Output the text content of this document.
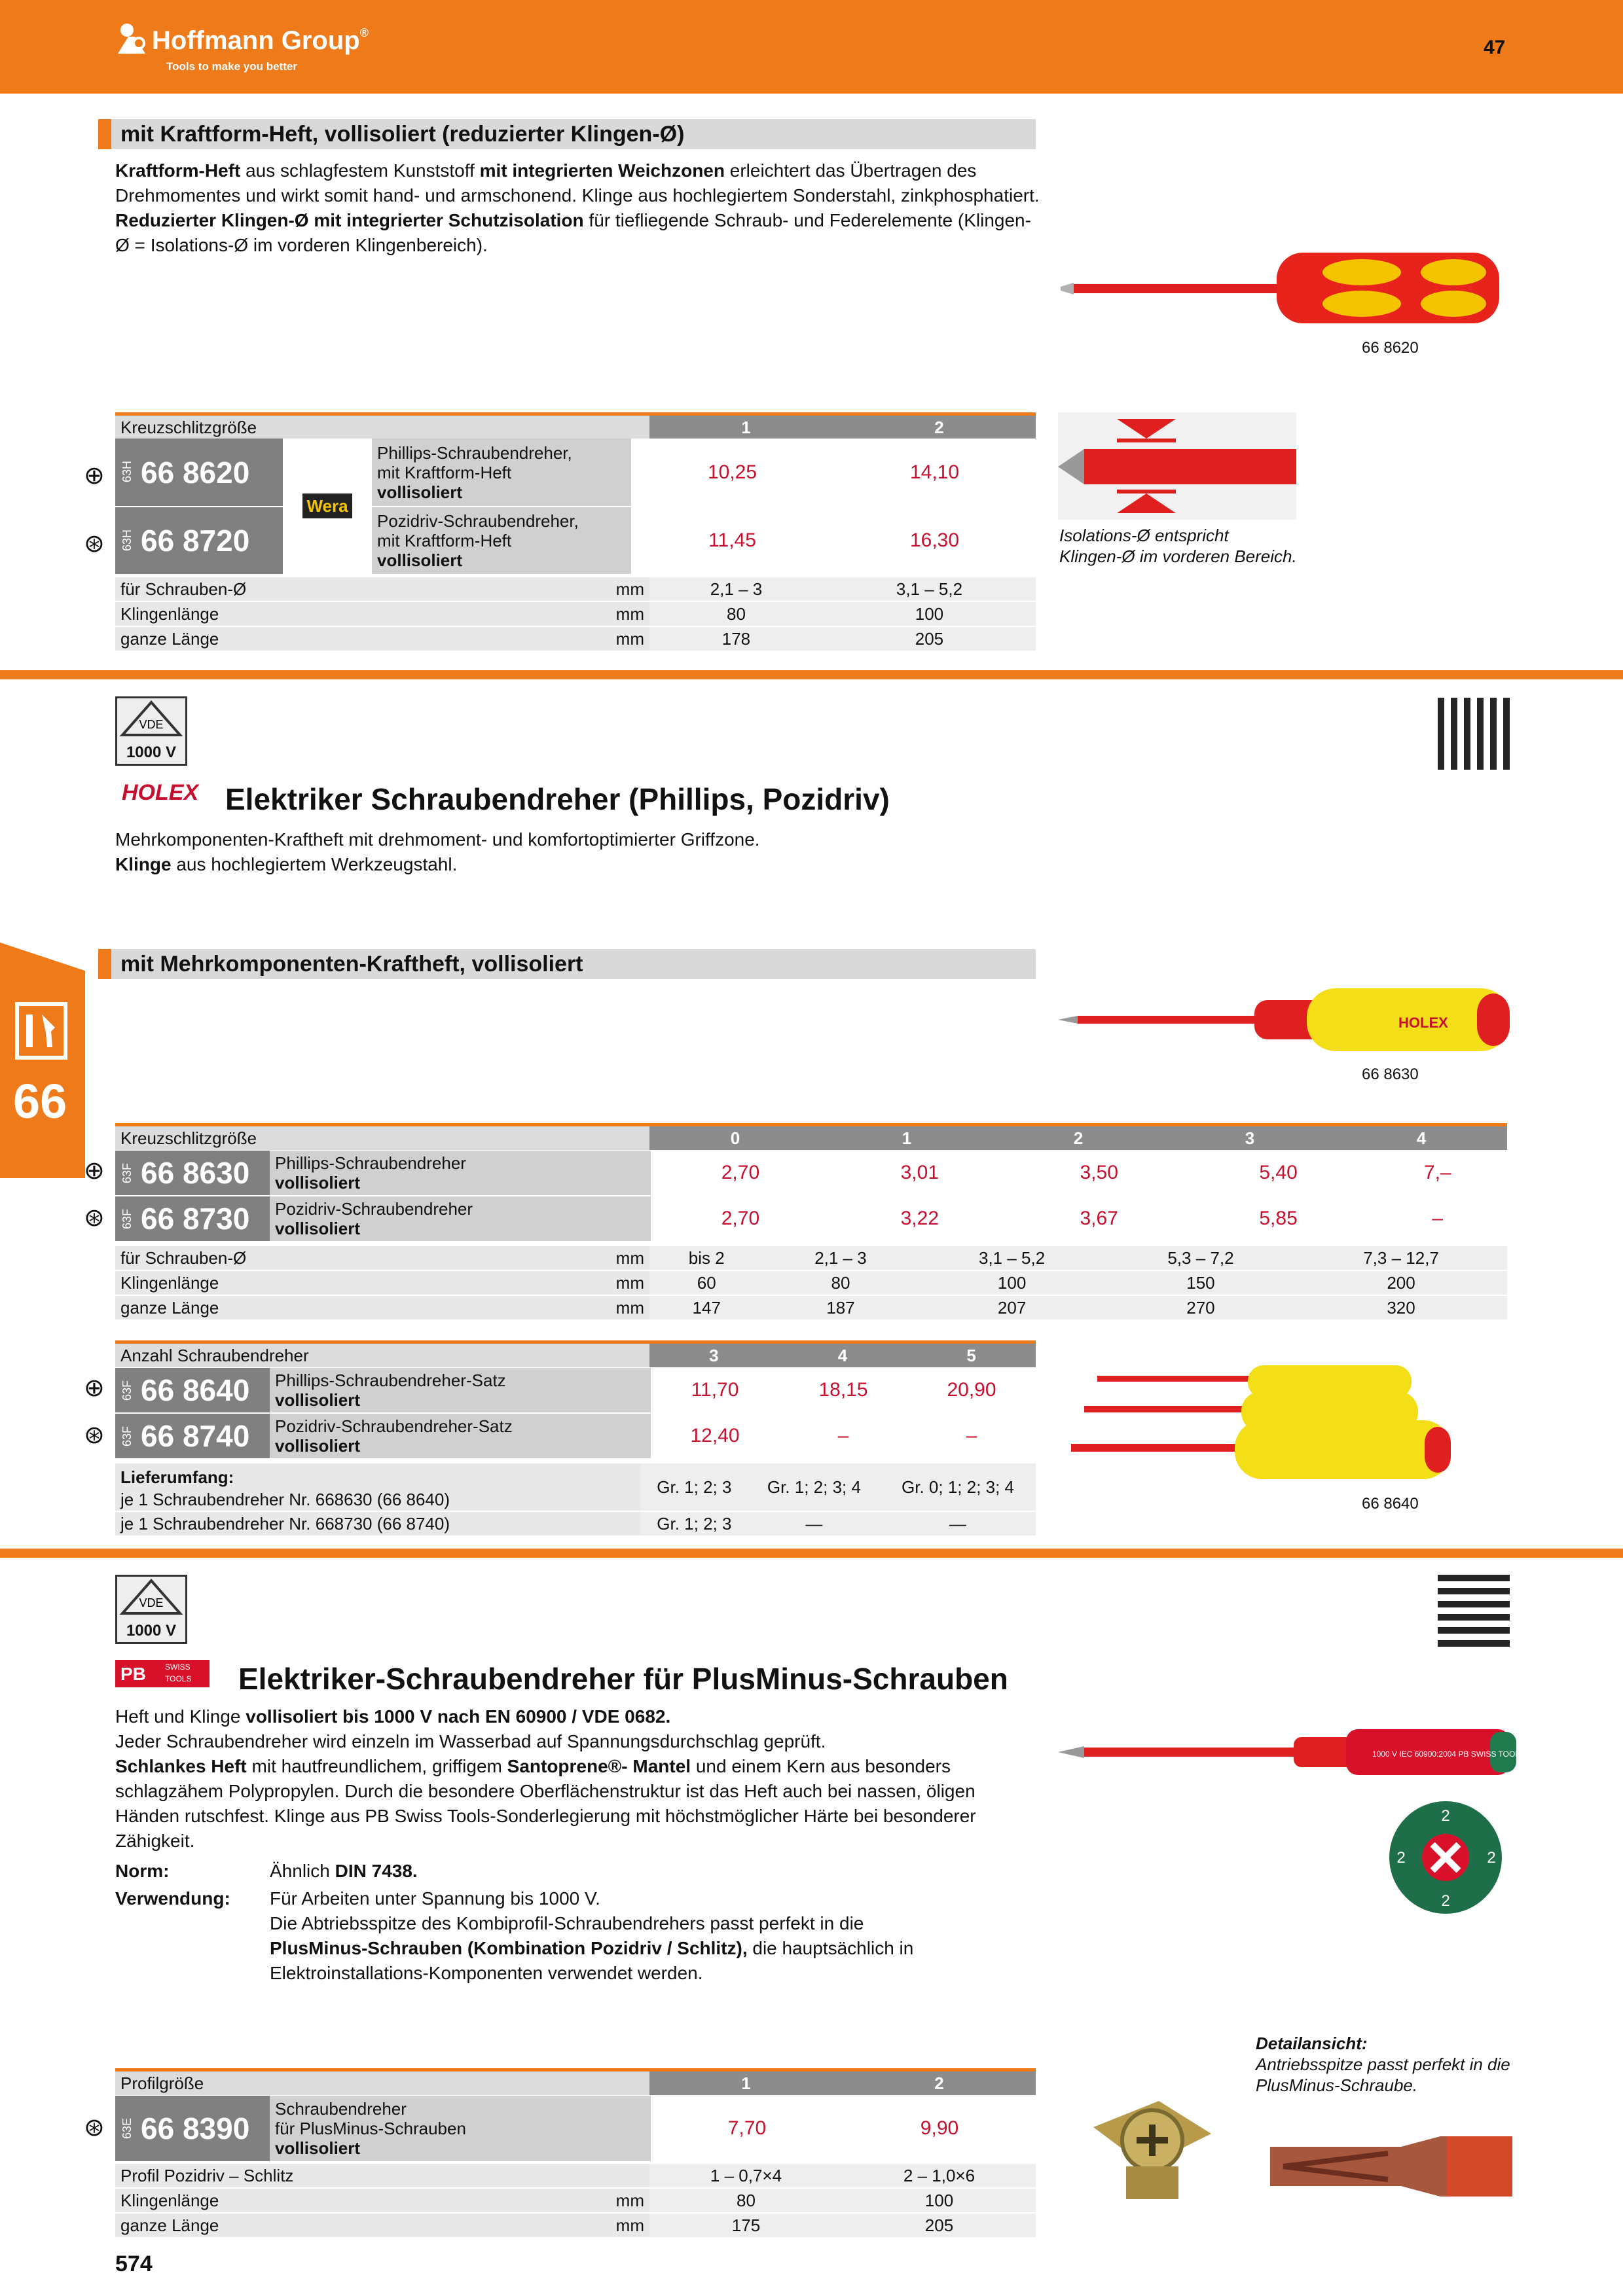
Hoffmann Group®
Tools to make you better
47	DEE
66
mit Kraftform-Heft, vollisoliert (reduzierter Klingen-Ø)
Kraftform-Heft aus schlagfestem Kunststoff mit integrierten Weichzonen erleichtert das Übertragen des Drehmomentes und wirkt somit hand- und armschonend. Klinge aus hochlegiertem Sonderstahl, zinkphosphatiert. Reduzierter Klingen-Ø mit integrierter Schutzisolation für tiefliegende Schraub- und Federelemente (Klingen-Ø = Isolations-Ø im vorderen Klingenbereich).
66 8620
Kreuzschlitzgröße	1	2
63H 66 8620	Wera	Phillips-Schraubendreher,
mit Kraftform-Heft
vollisoliert	10,25	14,10
63H 66 8720		Pozidriv-Schraubendreher,
mit Kraftform-Heft
vollisoliert	11,45	16,30
⊕
⊛
für Schrauben-Ø	mm	2,1 – 3	3,1 – 5,2
Klingenlänge	mm	80	100
ganze Länge	mm	178	205
Isolations-Ø entspricht
Klingen-Ø im vorderen Bereich.
VDE
1000 V
HOLEX Elektriker Schraubendreher (Phillips, Pozidriv)
Mehrkomponenten-Kraftheft mit drehmoment- und komfortoptimierter Griffzone.
Klinge aus hochlegiertem Werkzeugstahl.
mit Mehrkomponenten-Kraftheft, vollisoliert
HOLEX
66 8630
Kreuzschlitzgröße	0	1	2	3	4
63F 66 8630	Phillips-Schraubendreher
vollisoliert	2,70	3,01	3,50	5,40	7,–
63F 66 8730	Pozidriv-Schraubendreher
vollisoliert	2,70	3,22	3,67	5,85	–
⊕
⊛
für Schrauben-Ø	mm	bis 2	2,1 – 3	3,1 – 5,2	5,3 – 7,2	7,3 – 12,7
Klingenlänge	mm	60	80	100	150	200
ganze Länge	mm	147	187	207	270	320
Anzahl Schraubendreher	3	4	5
63F 66 8640	Phillips-Schraubendreher-Satz
vollisoliert	11,70	18,15	20,90
63F 66 8740	Pozidriv-Schraubendreher-Satz
vollisoliert	12,40	–	–
⊕
⊛
Lieferumfang:
je 1 Schraubendreher Nr. 668630 (66 8640)	Gr. 1; 2; 3	Gr. 1; 2; 3; 4	Gr. 0; 1; 2; 3; 4
je 1 Schraubendreher Nr. 668730 (66 8740)	Gr. 1; 2; 3	—	—
66 8640
VDE
1000 V
PB SWISS
TOOLS Elektriker-Schraubendreher für PlusMinus-Schrauben
Heft und Klinge vollisoliert bis 1000 V nach EN 60900 / VDE 0682.
Jeder Schraubendreher wird einzeln im Wasserbad auf Spannungsdurchschlag geprüft.
Schlankes Heft mit hautfreundlichem, griffigem Santoprene®- Mantel und einem Kern aus besonders schlagzähem Polypropylen. Durch die besondere Oberflächenstruktur ist das Heft auch bei nassen, öligen Händen rutschfest. Klinge aus PB Swiss Tools-Sonderlegierung mit höchstmöglicher Härte bei besonderer Zähigkeit.
Norm:	Ähnlich DIN 7438.
Verwendung: Für Arbeiten unter Spannung bis 1000 V.
Die Abtriebsspitze des Kombiprofil-Schraubendrehers passt perfekt in die
PlusMinus-Schrauben (Kombination Pozidriv / Schlitz), die hauptsächlich in Elektroinstallations-Komponenten verwendet werden.
1000 V IEC 60900:2004 PB SWISS TOOLS
2
2
2
2
Detailansicht:
Antriebsspitze passt perfekt in die
PlusMinus-Schraube.
Profilgröße	1	2
63E 66 8390	
Schraubendreher
für PlusMinus-Schrauben
vollisoliert
	7,70	9,90
⊛
Profil Pozidriv – Schlitz		1 – 0,7×4	2 – 1,0×6
Klingenlänge	mm	80	100
ganze Länge	mm	175	205
574
